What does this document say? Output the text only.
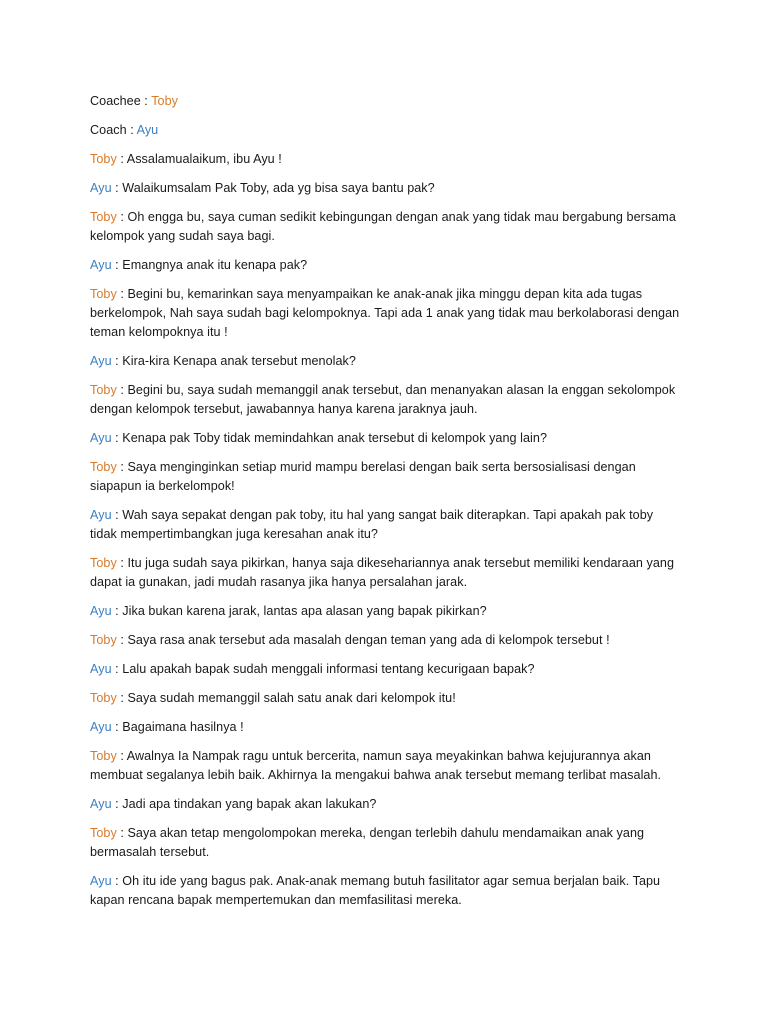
Coachee : Toby

Coach : Ayu

Toby : Assalamualaikum, ibu Ayu !

Ayu : Walaikumsalam Pak Toby, ada yg bisa saya bantu pak?

Toby : Oh engga bu, saya cuman sedikit kebingungan dengan anak yang tidak mau bergabung bersama kelompok yang sudah saya bagi.

Ayu : Emangnya anak itu kenapa pak?

Toby : Begini bu, kemarinkan saya menyampaikan ke anak-anak jika minggu depan kita ada tugas berkelompok, Nah saya sudah bagi kelompoknya. Tapi ada 1 anak yang tidak mau berkolaborasi dengan teman kelompoknya itu !

Ayu : Kira-kira Kenapa anak tersebut menolak?

Toby : Begini bu, saya sudah memanggil anak tersebut, dan menanyakan alasan Ia enggan sekolompok dengan kelompok tersebut, jawabannya hanya karena jaraknya jauh.

Ayu : Kenapa pak Toby tidak memindahkan anak tersebut di kelompok yang lain?

Toby : Saya menginginkan setiap murid mampu berelasi dengan baik serta bersosialisasi dengan siapapun ia berkelompok!

Ayu : Wah saya sepakat dengan pak toby, itu hal yang sangat baik diterapkan. Tapi apakah pak toby tidak mempertimbangkan juga keresahan anak itu?

Toby : Itu juga sudah saya pikirkan, hanya saja dikesehariannya anak tersebut memiliki kendaraan yang dapat ia gunakan, jadi mudah rasanya jika hanya persalahan jarak.

Ayu : Jika bukan karena jarak, lantas apa alasan yang bapak pikirkan?

Toby : Saya rasa anak tersebut ada masalah dengan teman yang ada di kelompok tersebut !

Ayu : Lalu apakah bapak sudah menggali informasi tentang kecurigaan bapak?

Toby : Saya sudah memanggil salah satu anak dari kelompok itu!

Ayu : Bagaimana hasilnya !

Toby : Awalnya Ia Nampak ragu untuk bercerita, namun saya meyakinkan bahwa kejujurannya akan membuat segalanya lebih baik. Akhirnya Ia mengakui bahwa anak tersebut memang terlibat masalah.

Ayu : Jadi apa tindakan yang bapak akan lakukan?

Toby : Saya akan tetap mengolompokan mereka, dengan terlebih dahulu mendamaikan anak yang bermasalah tersebut.

Ayu : Oh itu ide yang bagus pak. Anak-anak memang butuh fasilitator agar semua berjalan baik. Tapu kapan rencana bapak mempertemukan dan memfasilitasi mereka.
